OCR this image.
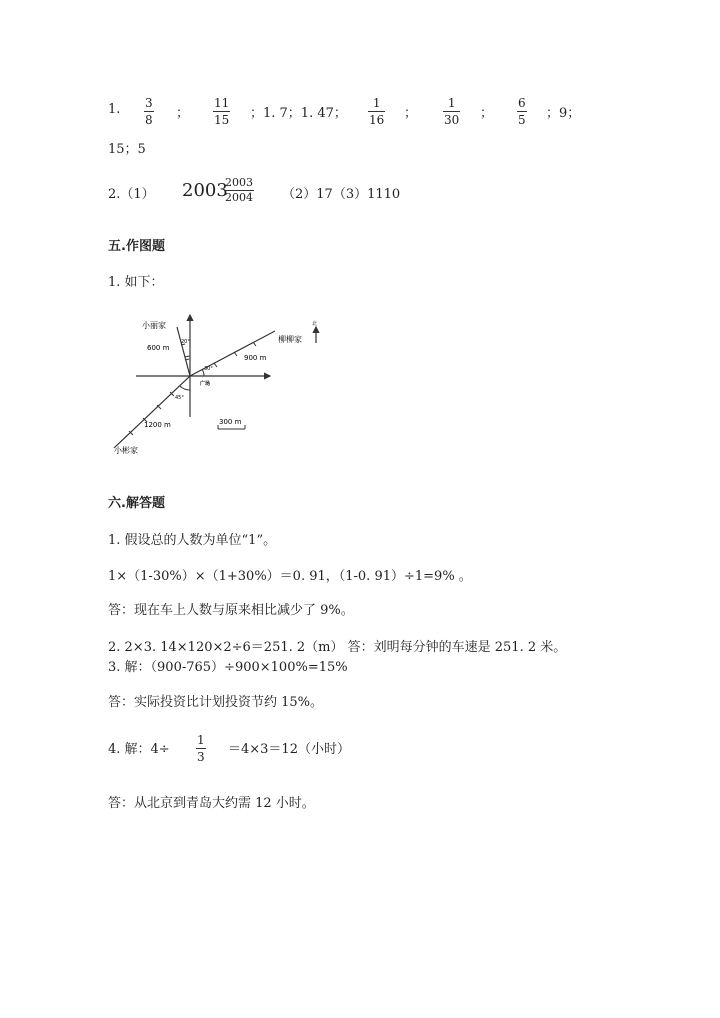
1. 3
8 ；
11
15 ；1. 7；1. 47；
1
16 ；
1
30 ；
6
5 ；9；
15；5
2.（1） 2003
2003
2004 （2）17（3）1110
五.作图题
1. 如下：
小丽家
600 m
20°	柳柳家
900 m
30°
北
广场
45°
1200 m	300 m
小彬家
六.解答题
1. 假设总的人数为单位“1”。
1×（1-30%）×（1+30%）＝0. 91，（1-0. 91）÷1=9% 。
答：现在车上人数与原来相比减少了 9%。
2. 2×3. 14×120×2÷6＝251. 2（m） 答：刘明每分钟的车速是 251. 2 米。
3. 解：（900-765）÷900×100%=15%
答：实际投资比计划投资节约 15%。
4. 解：4÷
1
3 ＝4×3＝12（小时）
答：从北京到青岛大约需 12 小时。
